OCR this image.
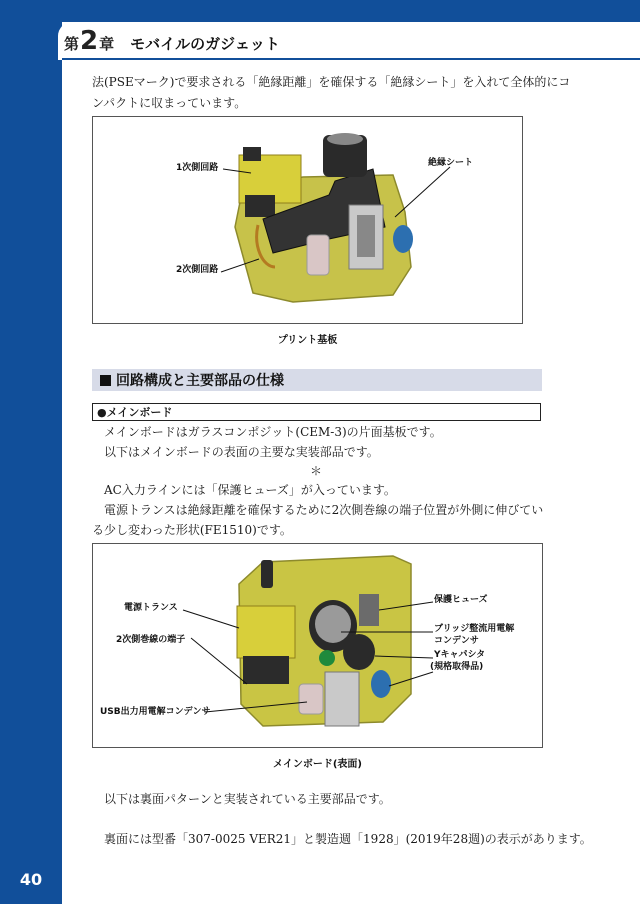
第 2 章 モバイルのガジェット
40

法(PSEマーク)で要求される「絶縁距離」を確保する「絶縁シート」を入れて全体的にコ

ンパクトに収まっています。

1次側回路
2次側回路
絶縁シート
プリント基板
回路構成と主要部品の仕様
●メインボード

メインボードはガラスコンポジット(CEM-3)の片面基板です。

以下はメインボードの表面の主要な実装部品です。

＊

AC入力ラインには「保護ヒューズ」が入っています。

電源トランスは絶縁距離を確保するために2次側巻線の端子位置が外側に伸びてい

る少し変わった形状(FE1510)です。

電源トランス
2次側巻線の端子
USB出力用電解コンデンサ
保護ヒューズ
ブリッジ整流用電解
コンデンサ
Yキャパシタ
(規格取得品)
メインボード(表面)

以下は裏面パターンと実装されている主要部品です。

裏面には型番「307-0025 VER21」と製造週「1928」(2019年28週)の表示があります。
